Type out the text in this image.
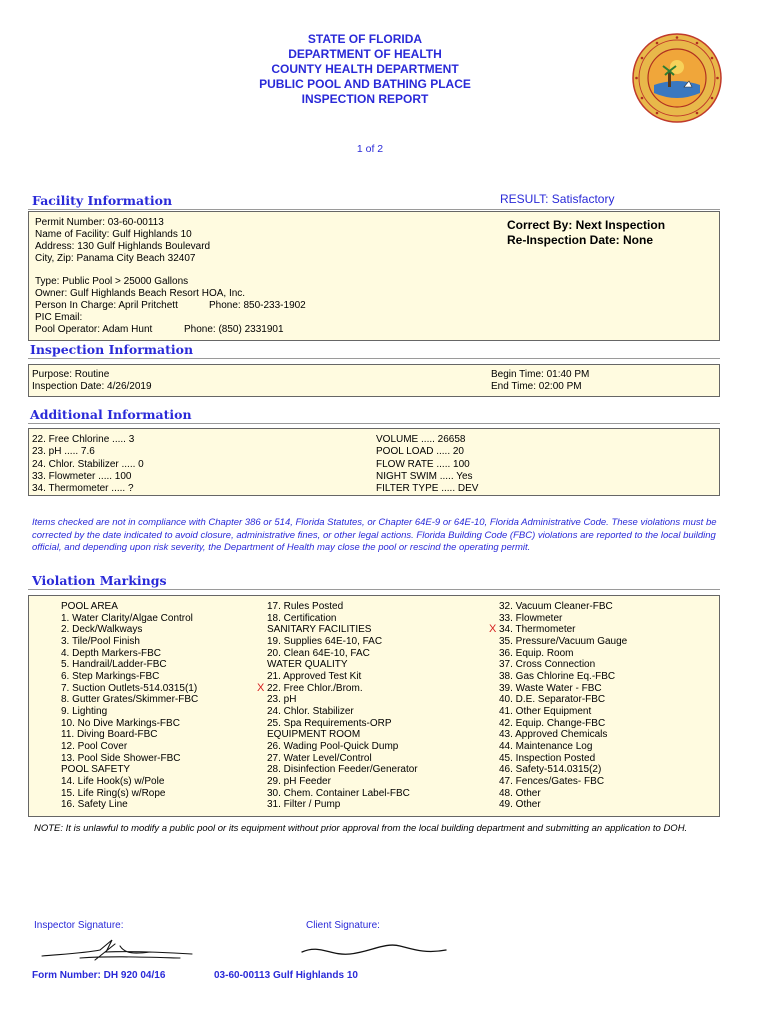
STATE OF FLORIDA
DEPARTMENT OF HEALTH
COUNTY HEALTH DEPARTMENT
PUBLIC POOL AND BATHING PLACE
INSPECTION REPORT
1 of 2
RESULT: Satisfactory
Facility Information
Permit Number: 03-60-00113
Name of Facility: Gulf Highlands 10
Address: 130 Gulf Highlands Boulevard
City, Zip: Panama City Beach 32407
Type: Public Pool > 25000 Gallons
Owner: Gulf Highlands Beach Resort HOA, Inc.
Person In Charge: April Pritchett	Phone: 850-233-1902
PIC Email:
Pool Operator: Adam Hunt	Phone: (850) 2331901
Correct By: Next Inspection
Re-Inspection Date: None
Inspection Information
Purpose: Routine
Inspection Date: 4/26/2019
Begin Time: 01:40 PM
End Time: 02:00 PM
Additional Information
22. Free Chlorine ..... 3
23. pH ..... 7.6
24. Chlor. Stabilizer ..... 0
33. Flowmeter ..... 100
34. Thermometer ..... ?
VOLUME ..... 26658
POOL LOAD ..... 20
FLOW RATE ..... 100
NIGHT SWIM ..... Yes
FILTER TYPE ..... DEV
Items checked are not in compliance with Chapter 386 or 514, Florida Statutes, or Chapter 64E-9 or 64E-10, Florida Administrative Code. These violations must be corrected by the date indicated to avoid closure, administrative fines, or other legal actions. Florida Building Code (FBC) violations are reported to the local building official, and depending upon risk severity, the Department of Health may close the pool or rescind the operating permit.
Violation Markings
POOL AREA
1. Water Clarity/Algae Control
2. Deck/Walkways
3. Tile/Pool Finish
4. Depth Markers-FBC
5. Handrail/Ladder-FBC
6. Step Markings-FBC
7. Suction Outlets-514.0315(1)
8. Gutter Grates/Skimmer-FBC
9. Lighting
10. No Dive Markings-FBC
11. Diving Board-FBC
12. Pool Cover
13. Pool Side Shower-FBC
POOL SAFETY
14. Life Hook(s) w/Pole
15. Life Ring(s) w/Rope
16. Safety Line
17. Rules Posted
18. Certification
SANITARY FACILITIES
19. Supplies 64E-10, FAC
20. Clean 64E-10, FAC
WATER QUALITY
21. Approved Test Kit
X 22. Free Chlor./Brom.
23. pH
24. Chlor. Stabilizer
25. Spa Requirements-ORP
EQUIPMENT ROOM
26. Wading Pool-Quick Dump
27. Water Level/Control
28. Disinfection Feeder/Generator
29. pH Feeder
30. Chem. Container Label-FBC
31. Filter / Pump
32. Vacuum Cleaner-FBC
33. Flowmeter
X 34. Thermometer
35. Pressure/Vacuum Gauge
36. Equip. Room
37. Cross Connection
38. Gas Chlorine Eq.-FBC
39. Waste Water - FBC
40. D.E. Separator-FBC
41. Other Equipment
42. Equip. Change-FBC
43. Approved Chemicals
44. Maintenance Log
45. Inspection Posted
46. Safety-514.0315(2)
47. Fences/Gates- FBC
48. Other
49. Other
NOTE: It is unlawful to modify a public pool or its equipment without prior approval from the local building department and submitting an application to DOH.
Inspector Signature:	Client Signature:
Form Number: DH 920 04/16	03-60-00113 Gulf Highlands 10
